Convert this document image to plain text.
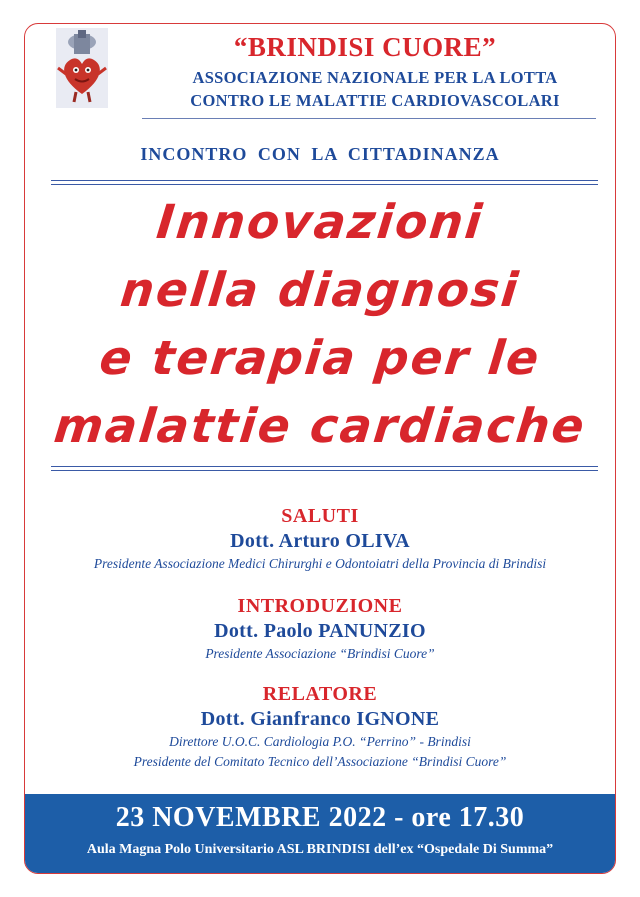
“BRINDISI CUORE”
ASSOCIAZIONE NAZIONALE PER LA LOTTA
CONTRO LE MALATTIE CARDIOVASCOLARI
INCONTRO CON LA CITTADINANZA
Innovazioni
nella diagnosi
e terapia per le
malattie cardiache
SALUTI
Dott. Arturo OLIVA
Presidente Associazione Medici Chirurghi e Odontoiatri della Provincia di Brindisi
INTRODUZIONE
Dott. Paolo PANUNZIO
Presidente Associazione “Brindisi Cuore”
RELATORE
Dott. Gianfranco IGNONE
Direttore U.O.C. Cardiologia P.O. “Perrino” - Brindisi
Presidente del Comitato Tecnico dell’Associazione “Brindisi Cuore”
23 NOVEMBRE 2022 - ore 17.30
Aula Magna Polo Universitario ASL BRINDISI dell’ex “Ospedale Di Summa”
